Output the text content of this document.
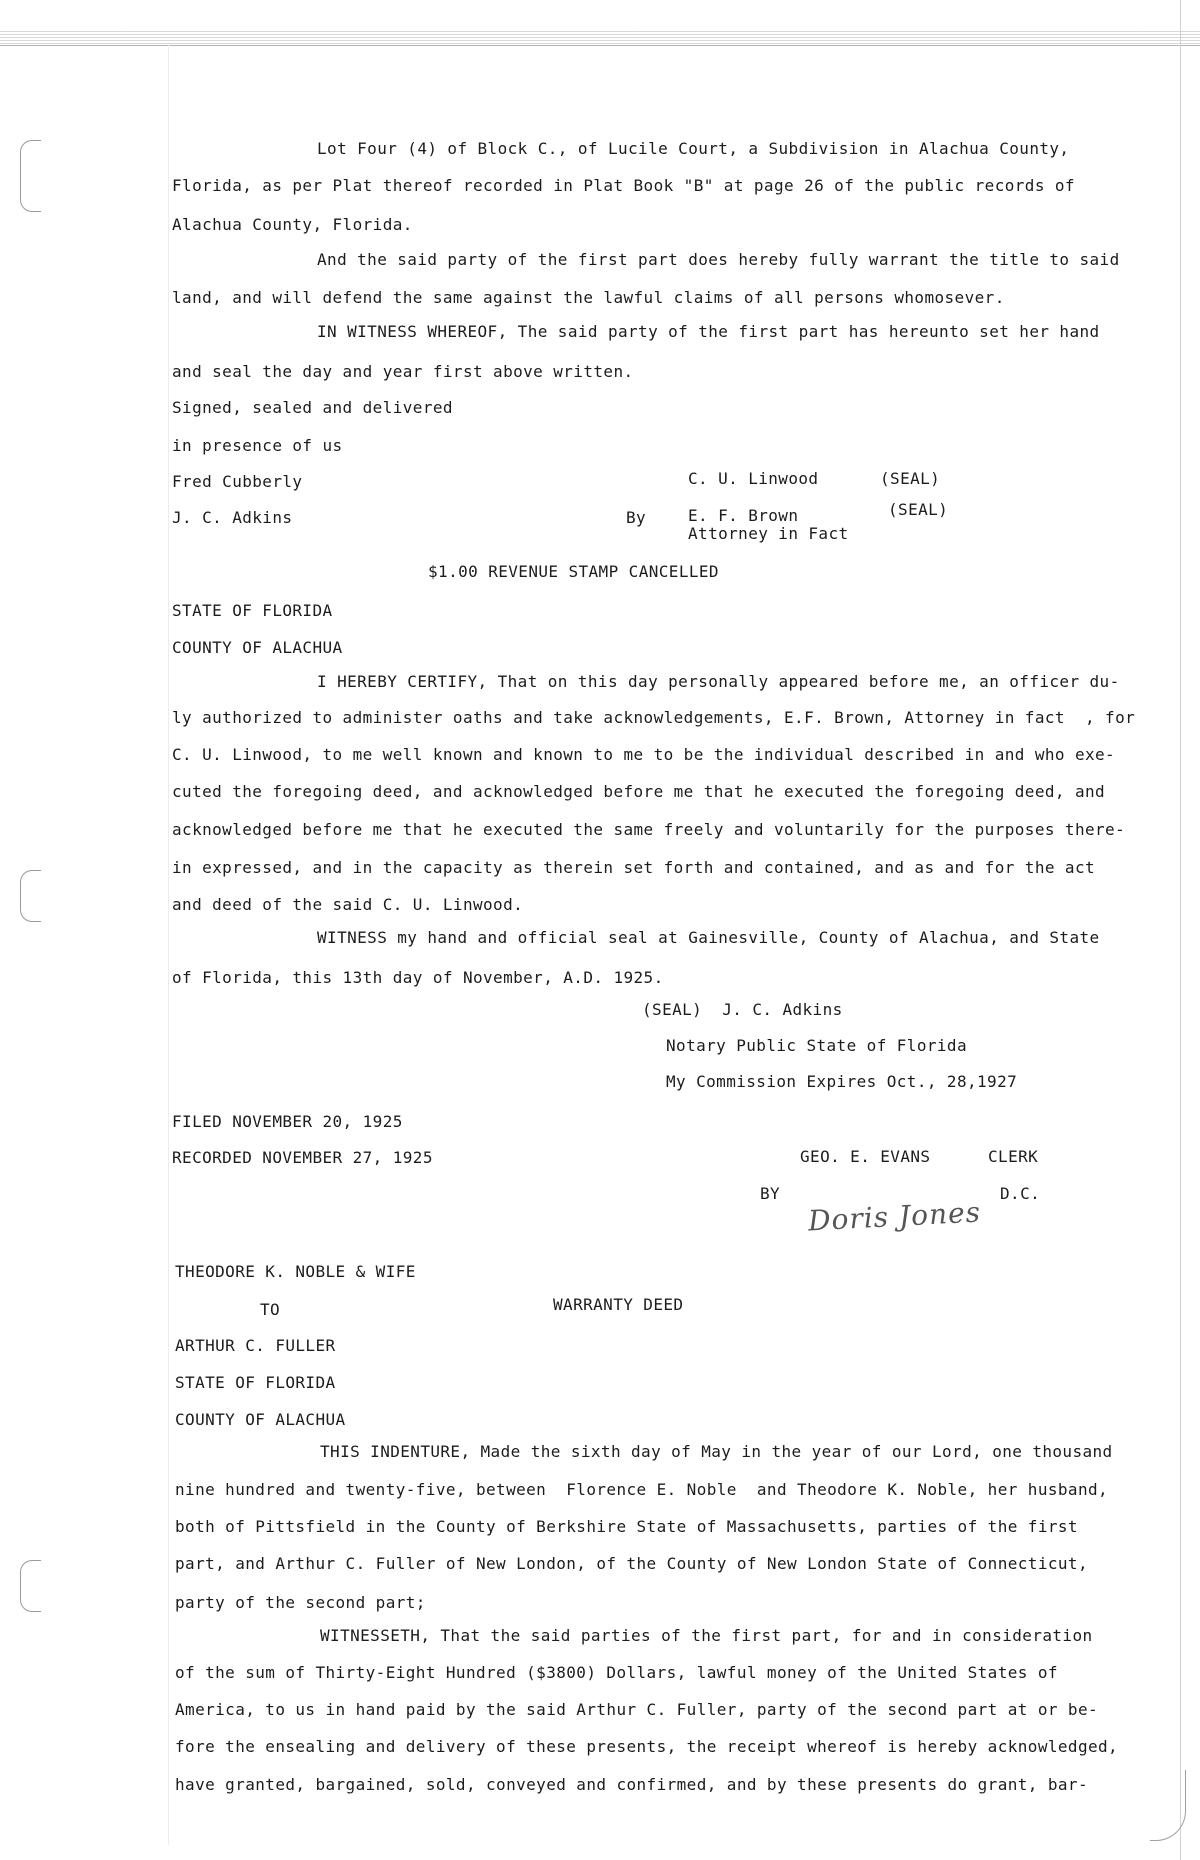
Lot Four (4) of Block C., of Lucile Court, a Subdivision in Alachua County,

Florida, as per Plat thereof recorded in Plat Book "B" at page 26 of the public records of

Alachua County, Florida.

And the said party of the first part does hereby fully warrant the title to said

land, and will defend the same against the lawful claims of all persons whomosever.

IN WITNESS WHEREOF, The said party of the first part has hereunto set her hand

and seal the day and year first above written.

Signed, sealed and delivered

in presence of us

Fred Cubberly

J. C. Adkins

C. U. Linwood	(SEAL)

By	E. F. Brown	(SEAL)

Attorney in Fact

$1.00 REVENUE STAMP CANCELLED

STATE OF FLORIDA

COUNTY OF ALACHUA

I HEREBY CERTIFY, That on this day personally appeared before me, an officer du-

ly authorized to administer oaths and take acknowledgements, E.F. Brown, Attorney in fact  , for

C. U. Linwood, to me well known and known to me to be the individual described in and who exe-

cuted the foregoing deed, and acknowledged before me that he executed the foregoing deed, and

acknowledged before me that he executed the same freely and voluntarily for the purposes there-

in expressed, and in the capacity as therein set forth and contained, and as and for the act

and deed of the said C. U. Linwood.

WITNESS my hand and official seal at Gainesville, County of Alachua, and State

of Florida, this 13th day of November, A.D. 1925.

(SEAL)  J. C. Adkins

Notary Public State of Florida

My Commission Expires Oct., 28,1927

FILED NOVEMBER 20, 1925

RECORDED NOVEMBER 27, 1925	GEO. E. EVANS	CLERK

BY

Doris Jones

D.C.

THEODORE K. NOBLE & WIFE

TO	WARRANTY DEED

ARTHUR C. FULLER

STATE OF FLORIDA

COUNTY OF ALACHUA

THIS INDENTURE, Made the sixth day of May in the year of our Lord, one thousand

nine hundred and twenty-five, between  Florence E. Noble  and Theodore K. Noble, her husband,

both of Pittsfield in the County of Berkshire State of Massachusetts, parties of the first

part, and Arthur C. Fuller of New London, of the County of New London State of Connecticut,

party of the second part;

WITNESSETH, That the said parties of the first part, for and in consideration

of the sum of Thirty-Eight Hundred ($3800) Dollars, lawful money of the United States of

America, to us in hand paid by the said Arthur C. Fuller, party of the second part at or be-

fore the ensealing and delivery of these presents, the receipt whereof is hereby acknowledged,

have granted, bargained, sold, conveyed and confirmed, and by these presents do grant, bar-
